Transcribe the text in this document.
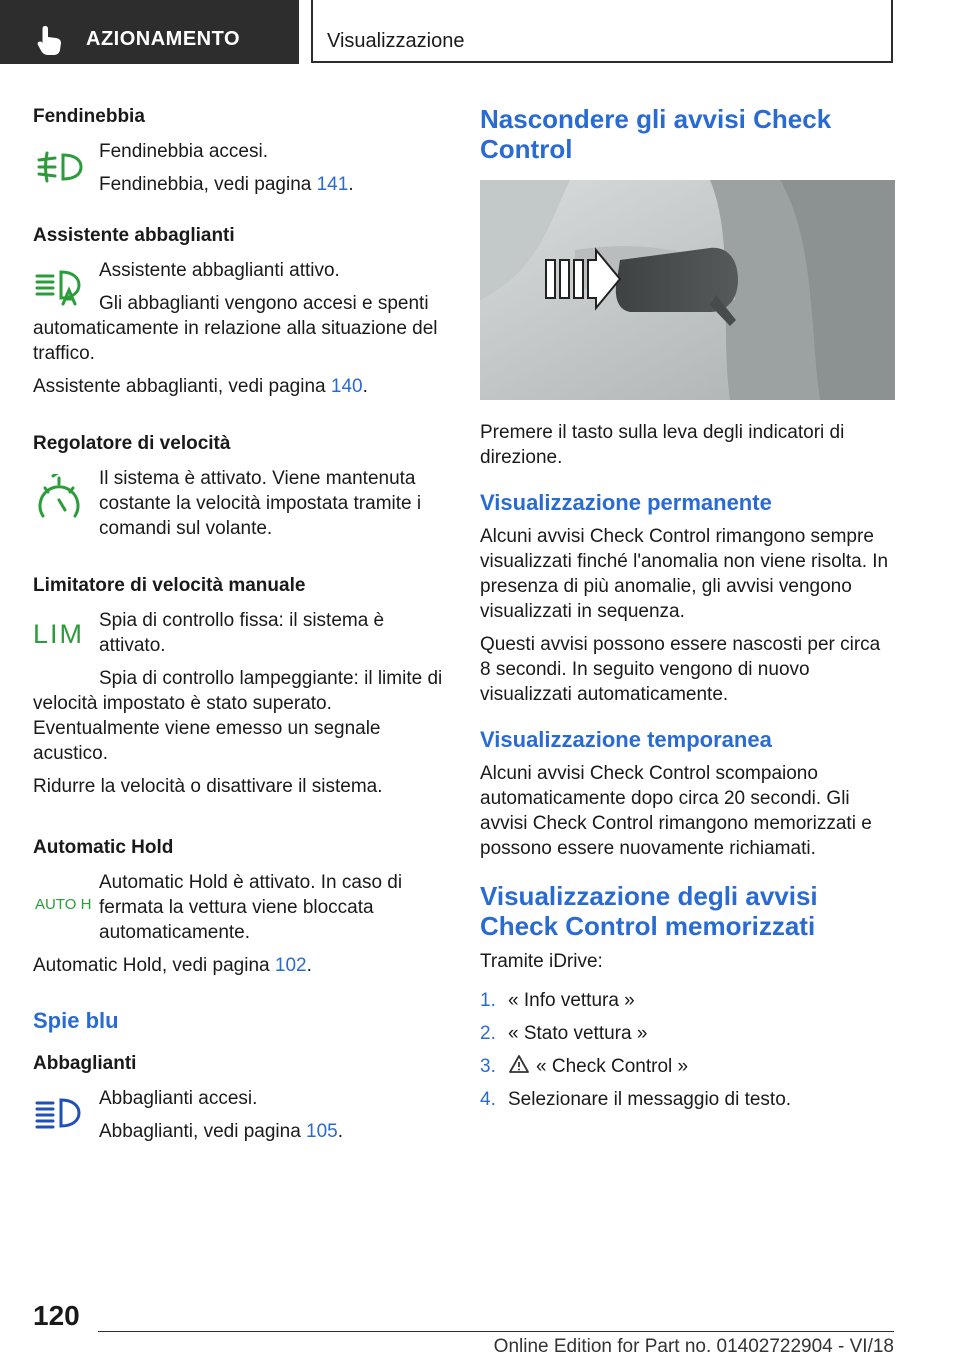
AZIONAMENTO	Visualizzazione
Fendinebbia

Fendinebbia accesi.

Fendinebbia, vedi pagina 141.

Assistente abbaglianti

Assistente abbaglianti attivo.

Gli abbaglianti vengono accesi e spenti automaticamente in relazione alla situazione del traffico.

Assistente abbaglianti, vedi pagina 140.

Regolatore di velocità

Il sistema è attivato. Viene mantenuta costante la velocità impostata tramite i comandi sul volante.

Limitatore di velocità manuale
LIM Spia di controllo fissa: il sistema è attivato.

Spia di controllo lampeggiante: il limite di velocità impostato è stato superato. Eventualmente viene emesso un segnale acustico.

Ridurre la velocità o disattivare il sistema.

Automatic Hold
AUTO H

Automatic Hold è attivato. In caso di fermata la vettura viene bloccata automaticamente.

Automatic Hold, vedi pagina 102.

Spie blu
Abbaglianti

Abbaglianti accesi.

Abbaglianti, vedi pagina 105.

Nascondere gli avvisi Check Control

Premere il tasto sulla leva degli indicatori di direzione.

Visualizzazione permanente

Alcuni avvisi Check Control rimangono sempre visualizzati finché l'anomalia non viene risolta. In presenza di più anomalie, gli avvisi vengono visualizzati in sequenza.

Questi avvisi possono essere nascosti per circa 8 secondi. In seguito vengono di nuovo visualizzati automaticamente.

Visualizzazione temporanea

Alcuni avvisi Check Control scompaiono automaticamente dopo circa 20 secondi. Gli avvisi Check Control rimangono memorizzati e possono essere nuovamente richiamati.

Visualizzazione degli avvisi Check Control memorizzati

Tramite iDrive:

1. « Info vettura »
2. « Stato vettura »
3. « Check Control »
4. Selezionare il messaggio di testo.
120
Online Edition for Part no. 01402722904 - VI/18
